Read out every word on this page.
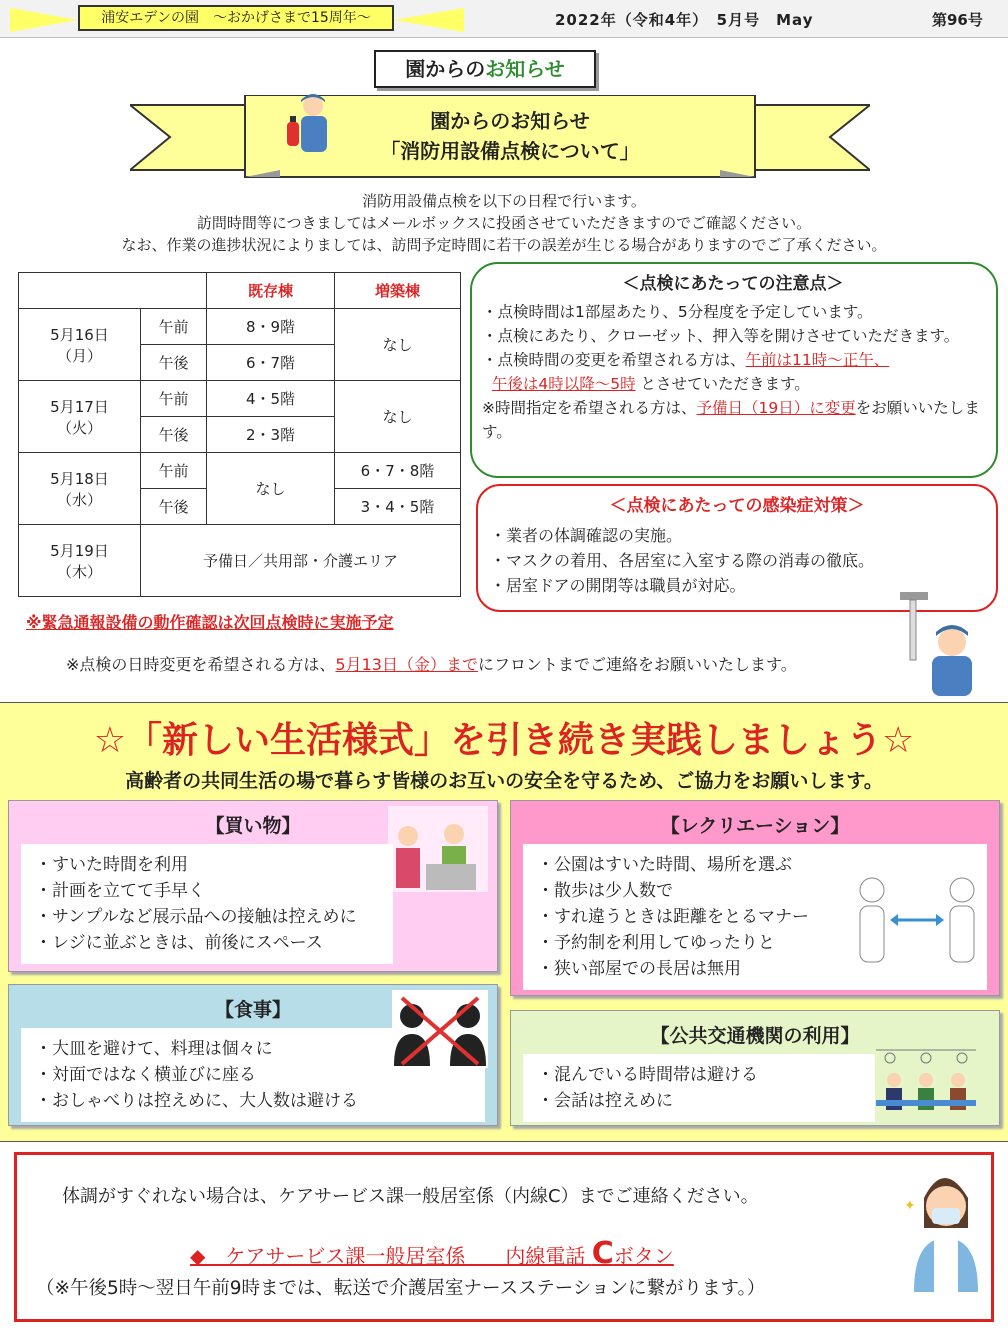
浦安エデンの園　～おかげさまで15周年～	2022年（令和4年）　5月号　May	第96号
園からのお知らせ
園からのお知らせ
「消防用設備点検について」
消防用設備点検を以下の日程で行います。
訪問時間等につきましてはメールボックスに投函させていただきますのでご確認ください。
なお、作業の進捗状況によりましては、訪問予定時間に若干の誤差が生じる場合がありますのでご了承ください。
		既存棟	増築棟

5月16日
（月）	午前	8・9階	なし
	午後	6・7階	

5月17日
（火）	午前	4・5階	なし
	午後	2・3階	

5月18日
（水）	午前	なし	6・7・8階
	午後		3・4・5階

5月19日
（木）	予備日／共用部・介護エリア		
＜点検にあたっての注意点＞
・点検時間は1部屋あたり、5分程度を予定しています。
・点検にあたり、クローゼット、押入等を開けさせていただきます。
・点検時間の変更を希望される方は、午前は11時～正午、
午後は4時以降～5時 とさせていただきます。
※時間指定を希望される方は、予備日（19日）に変更をお願いいたします。
＜点検にあたっての感染症対策＞
・業者の体調確認の実施。
・マスクの着用、各居室に入室する際の消毒の徹底。
・居室ドアの開閉等は職員が対応。
※緊急通報設備の動作確認は次回点検時に実施予定
※点検の日時変更を希望される方は、5月13日（金）までにフロントまでご連絡をお願いいたします。
☆「新しい生活様式」を引き続き実践しましょう☆
高齢者の共同生活の場で暮らす皆様のお互いの安全を守るため、ご協力をお願いします。
【買い物】
・すいた時間を利用
・計画を立てて手早く
・サンプルなど展示品への接触は控えめに
・レジに並ぶときは、前後にスペース
【食事】
・大皿を避けて、料理は個々に
・対面ではなく横並びに座る
・おしゃべりは控えめに、大人数は避ける
【レクリエーション】
・公園はすいた時間、場所を選ぶ
・散歩は少人数で
・すれ違うときは距離をとるマナー
・予約制を利用してゆったりと
・狭い部屋での長居は無用
【公共交通機関の利用】
・混んでいる時間帯は避ける
・会話は控えめに
体調がすぐれない場合は、ケアサービス課一般居室係（内線C）までご連絡ください。
◆　ケアサービス課一般居室係　　内線電話 Cボタン
（※午後5時～翌日午前9時までは、転送で介護居室ナースステーションに繋がります。）
✦
